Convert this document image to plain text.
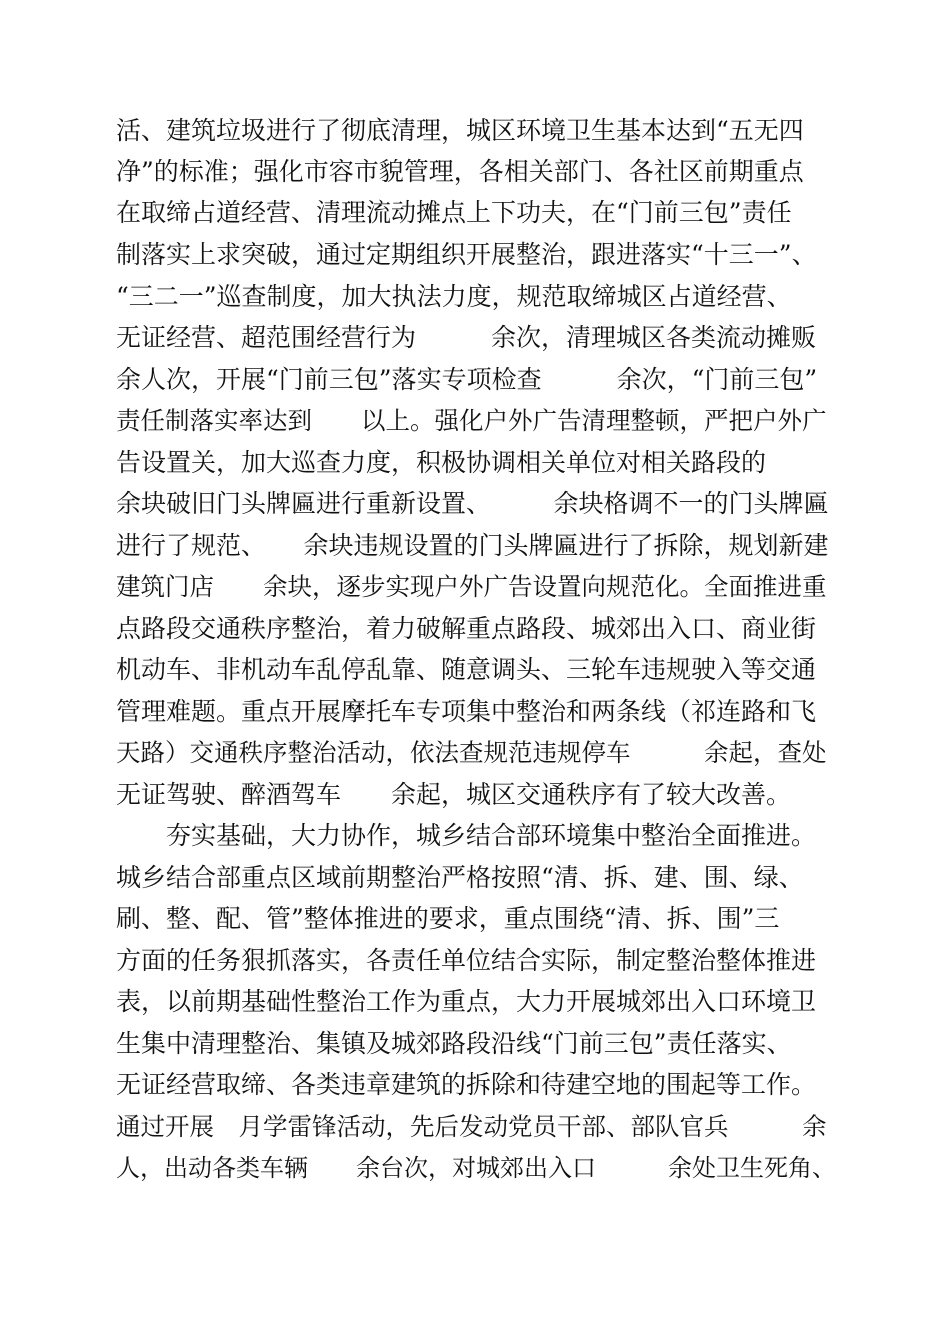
活、建筑垃圾进行了彻底清理，城区环境卫生基本达到“五无四
净”的标准；强化市容市貌管理，各相关部门、各社区前期重点
在取缔占道经营、清理流动摊点上下功夫，在“门前三包”责任
制落实上求突破，通过定期组织开展整治，跟进落实“十三一”、
“三二一”巡查制度，加大执法力度，规范取缔城区占道经营、
无证经营、超范围经营行为　　　余次，清理城区各类流动摊贩
余人次，开展“门前三包”落实专项检查　　　余次，“门前三包”
责任制落实率达到　　以上。强化户外广告清理整顿，严把户外广
告设置关，加大巡查力度，积极协调相关单位对相关路段的
余块破旧门头牌匾进行重新设置、　　　余块格调不一的门头牌匾
进行了规范、　　余块违规设置的门头牌匾进行了拆除，规划新建
建筑门店　　余块，逐步实现户外广告设置向规范化。全面推进重
点路段交通秩序整治，着力破解重点路段、城郊出入口、商业街
机动车、非机动车乱停乱靠、随意调头、三轮车违规驶入等交通
管理难题。重点开展摩托车专项集中整治和两条线（祁连路和飞
天路）交通秩序整治活动，依法查规范违规停车　　　余起，查处
无证驾驶、醉酒驾车　　余起，城区交通秩序有了较大改善。
　　夯实基础，大力协作，城乡结合部环境集中整治全面推进。
城乡结合部重点区域前期整治严格按照“清、拆、建、围、绿、
刷、整、配、管”整体推进的要求，重点围绕“清、拆、围”三
方面的任务狠抓落实，各责任单位结合实际，制定整治整体推进
表，以前期基础性整治工作为重点，大力开展城郊出入口环境卫
生集中清理整治、集镇及城郊路段沿线“门前三包”责任落实、
无证经营取缔、各类违章建筑的拆除和待建空地的围起等工作。
通过开展　月学雷锋活动，先后发动党员干部、部队官兵　　　余
人，出动各类车辆　　余台次，对城郊出入口　　　余处卫生死角、
